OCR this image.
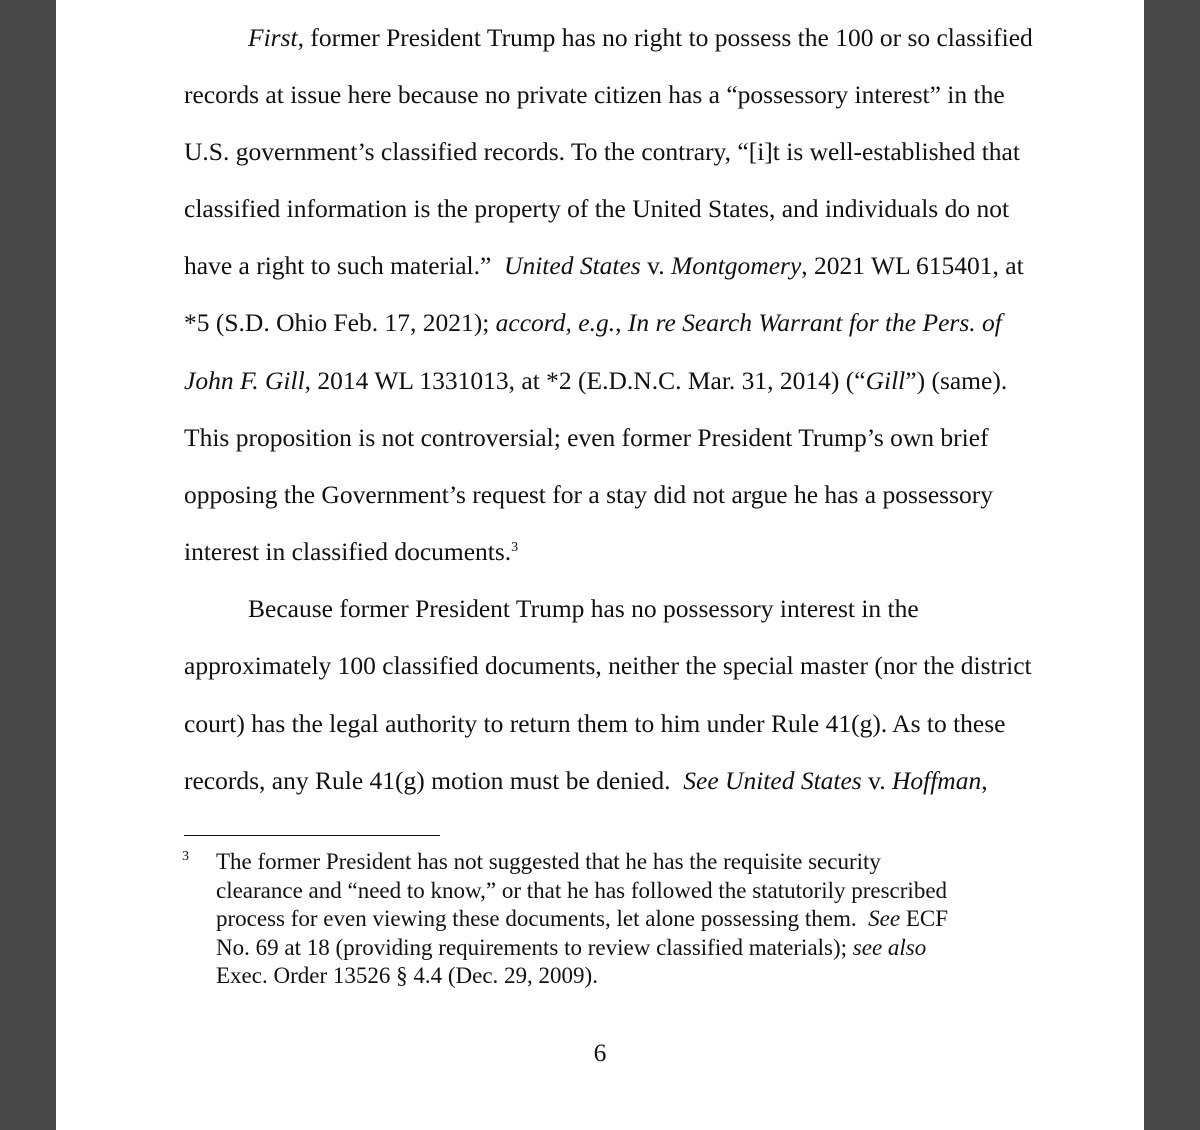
First, former President Trump has no right to possess the 100 or so classified

records at issue here because no private citizen has a “possessory interest” in the

U.S. government’s classified records. To the contrary, “[i]t is well-established that

classified information is the property of the United States, and individuals do not

have a right to such material.”  United States v. Montgomery, 2021 WL 615401, at

*5 (S.D. Ohio Feb. 17, 2021); accord, e.g., In re Search Warrant for the Pers. of

John F. Gill, 2014 WL 1331013, at *2 (E.D.N.C. Mar. 31, 2014) (“Gill”) (same).

This proposition is not controversial; even former President Trump’s own brief

opposing the Government’s request for a stay did not argue he has a possessory

interest in classified documents.$^3$

Because former President Trump has no possessory interest in the

approximately 100 classified documents, neither the special master (nor the district

court) has the legal authority to return them to him under Rule 41(g). As to these

records, any Rule 41(g) motion must be denied.  See United States v. Hoffman,

3 The former President has not suggested that he has the requisite security

clearance and “need to know,” or that he has followed the statutorily prescribed

process for even viewing these documents, let alone possessing them.  See ECF

No. 69 at 18 (providing requirements to review classified materials); see also

Exec. Order 13526 § 4.4 (Dec. 29, 2009).

6
